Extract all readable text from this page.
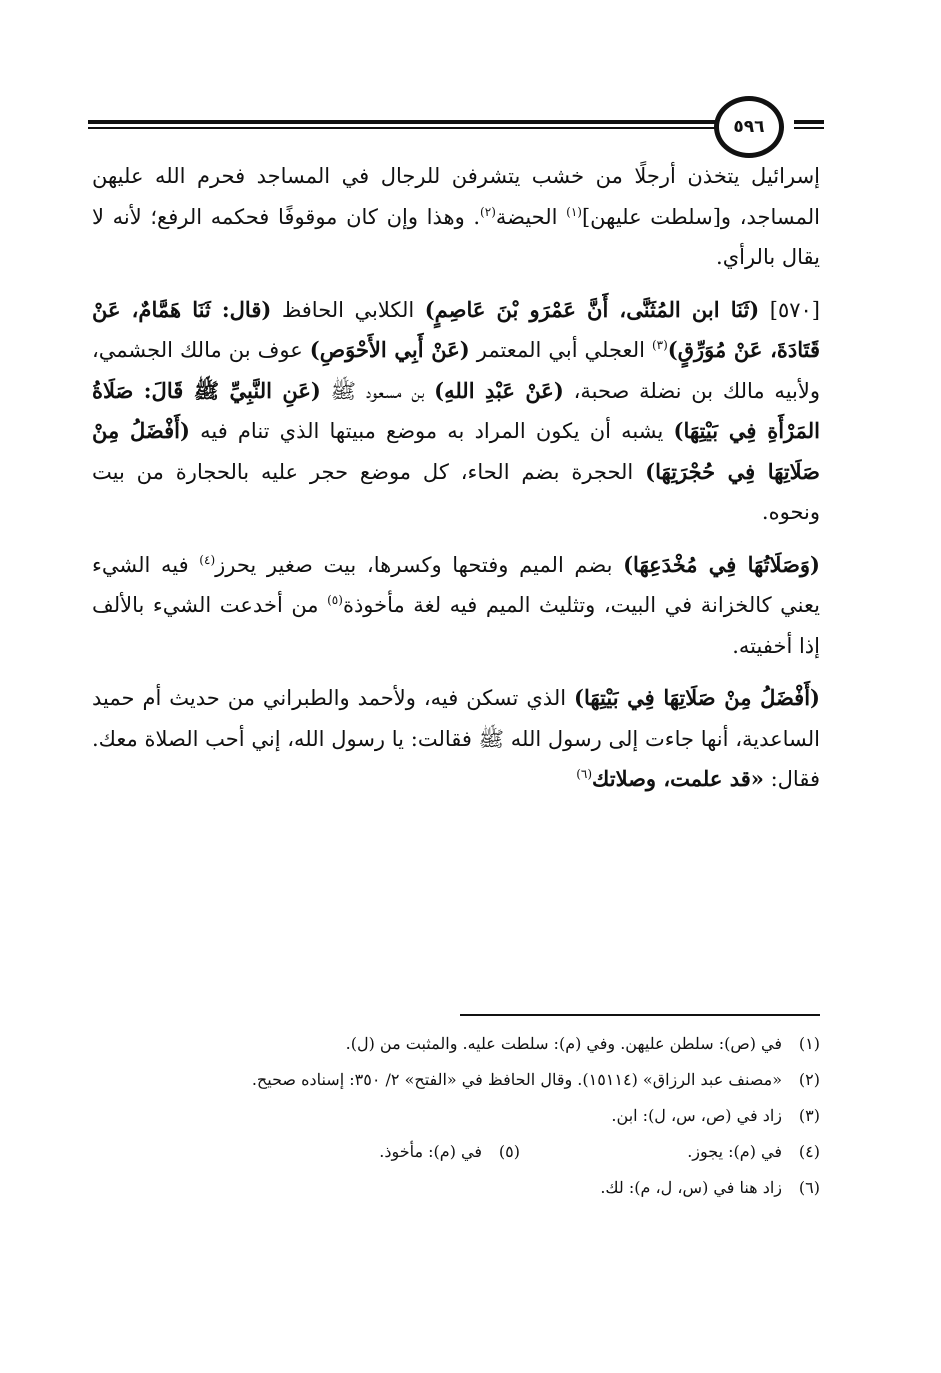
٥٩٦

إسرائيل يتخذن أرجلًا من خشب يتشرفن للرجال في المساجد فحرم الله عليهن المساجد، و[سلطت عليهن]$^{(١)}$ الحيضة$^{(٢)}$. وهذا وإن كان موقوفًا فحكمه الرفع؛ لأنه لا يقال بالرأي.

[٥٧٠] (ثَنَا ابن المُثَنَّى، أَنَّ عَمْرَو بْنَ عَاصِمٍ) الكلابي الحافظ (قال: ثَنَا هَمَّامٌ، عَنْ قَتَادَةَ، عَنْ مُوَرِّقٍ)$^{(٣)}$ العجلي أبي المعتمر (عَنْ أَبِي الأَحْوَصِ) عوف بن مالك الجشمي، ولأبيه مالك بن نضلة صحبة، (عَنْ عَبْدِ اللهِ) بن مسعود ﷺ (عَنِ النَّبِيِّ ﷺ قَالَ: صَلَاةُ المَرْأَةِ فِي بَيْتِهَا) يشبه أن يكون المراد به موضع مبيتها الذي تنام فيه (أَفْضَلُ مِنْ صَلَاتِهَا فِي حُجْرَتِهَا) الحجرة بضم الحاء، كل موضع حجر عليه بالحجارة من بيت ونحوه.

(وَصَلَاتُهَا فِي مُخْدَعِهَا) بضم الميم وفتحها وكسرها، بيت صغير يحرز$^{(٤)}$ فيه الشيء يعني كالخزانة في البيت، وتثليث الميم فيه لغة مأخوذة$^{(٥)}$ من أخدعت الشيء بالألف إذا أخفيته.

(أَفْضَلُ مِنْ صَلَاتِهَا فِي بَيْتِهَا) الذي تسكن فيه، ولأحمد والطبراني من حديث أم حميد الساعدية، أنها جاءت إلى رسول الله ﷺ فقالت: يا رسول الله، إني أحب الصلاة معك. فقال: «قد علمت، وصلاتك$^{(٦)}$

(١)
في (ص): سلطن عليهن. وفي (م): سلطت عليه. والمثبت من (ل).
(٢)
«مصنف عبد الرزاق» (١٥١١٤). وقال الحافظ في «الفتح» ٢/ ٣٥٠: إسناده صحيح.
(٣)
زاد في (ص، س، ل): ابن.
(٤)
في (م): يجوز.
(٥)
في (م): مأخوذ.
(٦)
زاد هنا في (س، ل، م): لك.
